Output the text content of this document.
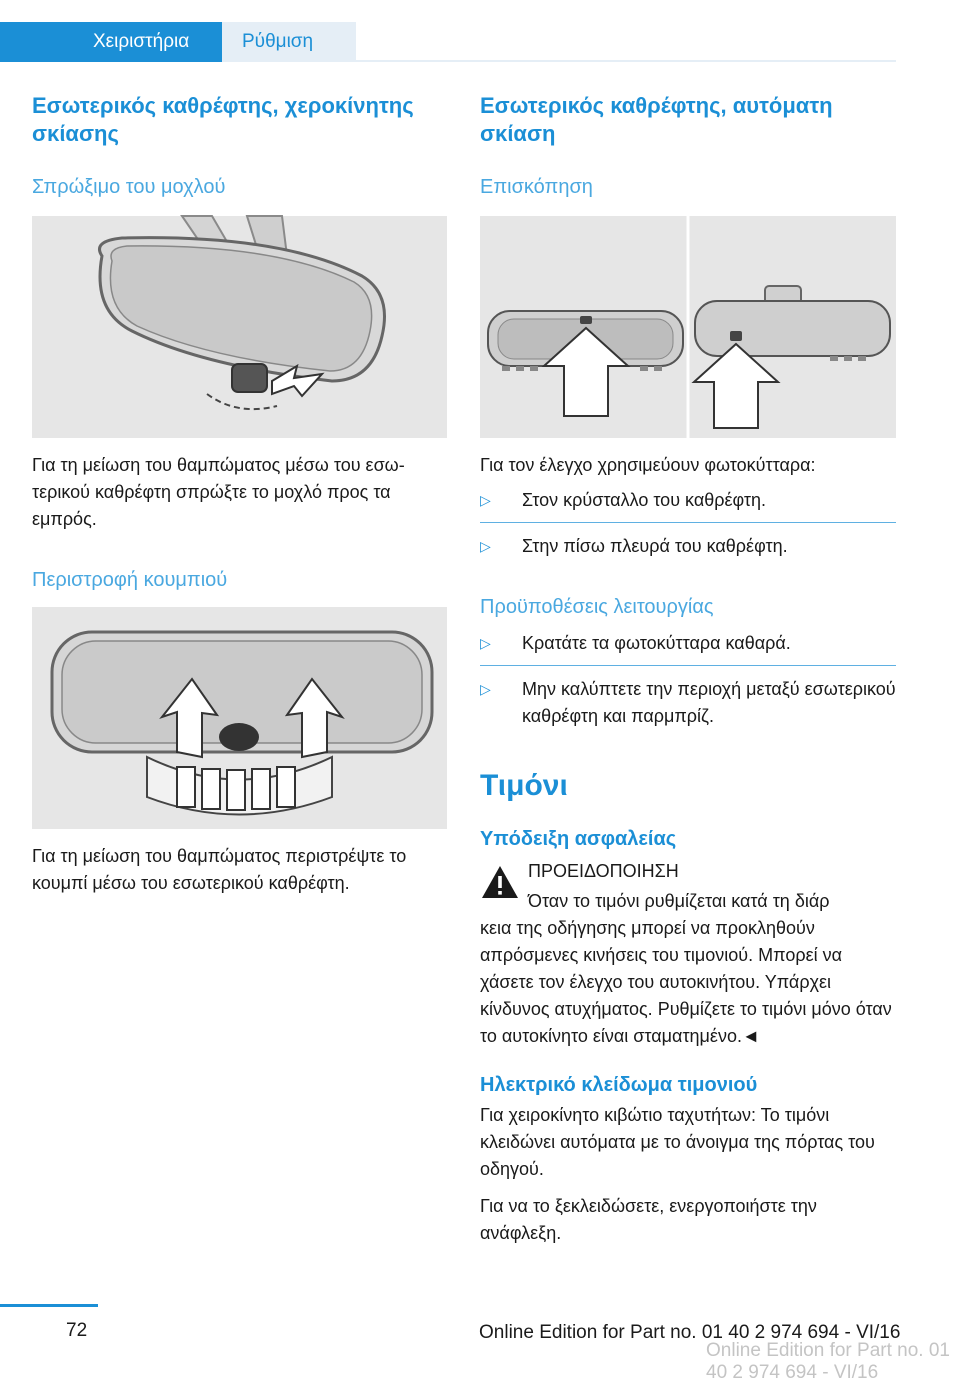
Χειριστήρια	Ρύθμιση
Εσωτερικός καθρέφτης, χεροκίνητης σκίασης
Σπρώξιμο του μοχλού

Για τη μείωση του θαμπώματος μέσω του εσωτερικού καθρέφτη σπρώξτε το μοχλό προς τα εμπρός.

Περιστροφή κουμπιού

Για τη μείωση του θαμπώματος περιστρέψτε το κουμπί μέσω του εσωτερικού καθρέφτη.

Εσωτερικός καθρέφτης, αυτόματη σκίαση
Επισκόπηση

Για τον έλεγχο χρησιμεύουν φωτοκύτταρα:

▷ Στον κρύσταλλο του καθρέφτη.
▷ Στην πίσω πλευρά του καθρέφτη.
Προϋποθέσεις λειτουργίας
▷ Κρατάτε τα φωτοκύτταρα καθαρά.
▷ Μην καλύπτετε την περιοχή μεταξύ εσωτερικού καθρέφτη και παρμπρίζ.
Τιμόνι
Υπόδειξη ασφαλείας

ΠΡΟΕΙΔΟΠΟΙΗΣΗ

Όταν το τιμόνι ρυθμίζεται κατά τη διάρ

κεια της οδήγησης μπορεί να προκληθούν απρόσμενες κινήσεις του τιμονιού. Μπορεί να χάσετε τον έλεγχο του αυτοκινήτου. Υπάρχει κίνδυνος ατυχήματος. Ρυθμίζετε το τιμόνι μόνο όταν το αυτοκίνητο είναι σταματημένο.◄

Ηλεκτρικό κλείδωμα τιμονιού

Για χειροκίνητο κιβώτιο ταχυτήτων: Το τιμόνι κλειδώνει αυτόματα με το άνοιγμα της πόρτας του οδηγού.

Για να το ξεκλειδώσετε, ενεργοποιήστε την ανάφλεξη.

72	Online Edition for Part no. 01 40 2 974 694 - VI/16
Online Edition for Part no. 01 40 2 974 694 - VI/16
